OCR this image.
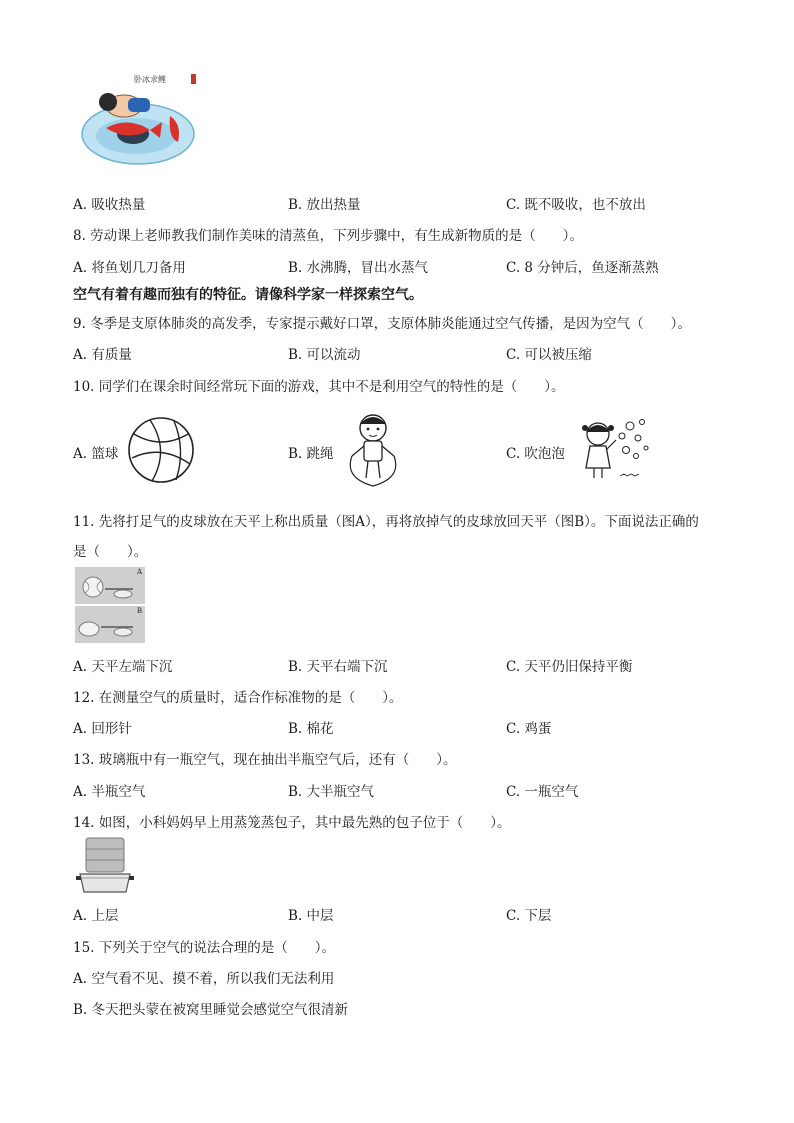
卧冰求鲤
A. 吸收热量	B. 放出热量	C. 既不吸收，也不放出
8. 劳动课上老师教我们制作美味的清蒸鱼，下列步骤中，有生成新物质的是（　　）。
A. 将鱼划几刀备用	B. 水沸腾，冒出水蒸气	C. 8 分钟后，鱼逐渐蒸熟
空气有着有趣而独有的特征。请像科学家一样探索空气。
9. 冬季是支原体肺炎的高发季，专家提示戴好口罩，支原体肺炎能通过空气传播，是因为空气（　　）。
A. 有质量	B. 可以流动	C. 可以被压缩
10. 同学们在课余时间经常玩下面的游戏，其中不是利用空气的特性的是（　　）。
A. 篮球	B. 跳绳	C. 吹泡泡
11. 先将打足气的皮球放在天平上称出质量（图A），再将放掉气的皮球放回天平（图B）。下面说法正确的
是（　　）。
A
B
A. 天平左端下沉	B. 天平右端下沉	C. 天平仍旧保持平衡
12. 在测量空气的质量时，适合作标准物的是（　　）。
A. 回形针	B. 棉花	C. 鸡蛋
13. 玻璃瓶中有一瓶空气，现在抽出半瓶空气后，还有（　　）。
A. 半瓶空气	B. 大半瓶空气	C. 一瓶空气
14. 如图，小科妈妈早上用蒸笼蒸包子，其中最先熟的包子位于（　　）。
A. 上层	B. 中层	C. 下层
15. 下列关于空气的说法合理的是（　　）。
A. 空气看不见、摸不着，所以我们无法利用
B. 冬天把头蒙在被窝里睡觉会感觉空气很清新
